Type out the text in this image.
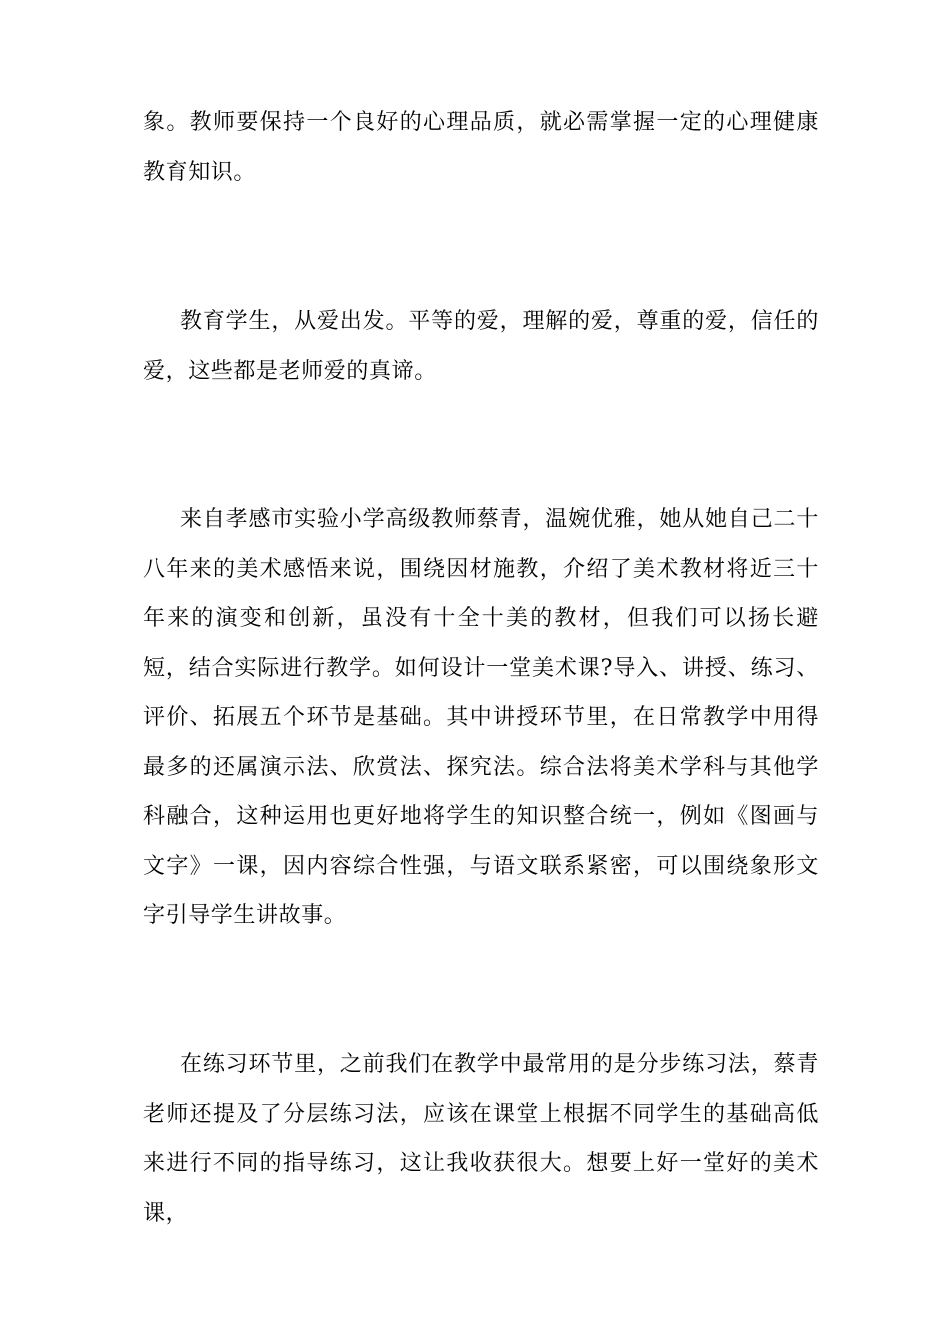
象。教师要保持一个良好的心理品质，就必需掌握一定的心理健康教育知识。

教育学生，从爱出发。平等的爱，理解的爱，尊重的爱，信任的爱，这些都是老师爱的真谛。

来自孝感市实验小学高级教师蔡青，温婉优雅，她从她自己二十八年来的美术感悟来说，围绕因材施教，介绍了美术教材将近三十年来的演变和创新，虽没有十全十美的教材，但我们可以扬长避短，结合实际进行教学。如何设计一堂美术课?导入、讲授、练习、评价、拓展五个环节是基础。其中讲授环节里，在日常教学中用得最多的还属演示法、欣赏法、探究法。综合法将美术学科与其他学科融合，这种运用也更好地将学生的知识整合统一，例如《图画与文字》一课，因内容综合性强，与语文联系紧密，可以围绕象形文字引导学生讲故事。

在练习环节里，之前我们在教学中最常用的是分步练习法，蔡青老师还提及了分层练习法，应该在课堂上根据不同学生的基础高低来进行不同的指导练习，这让我收获很大。想要上好一堂好的美术课，
